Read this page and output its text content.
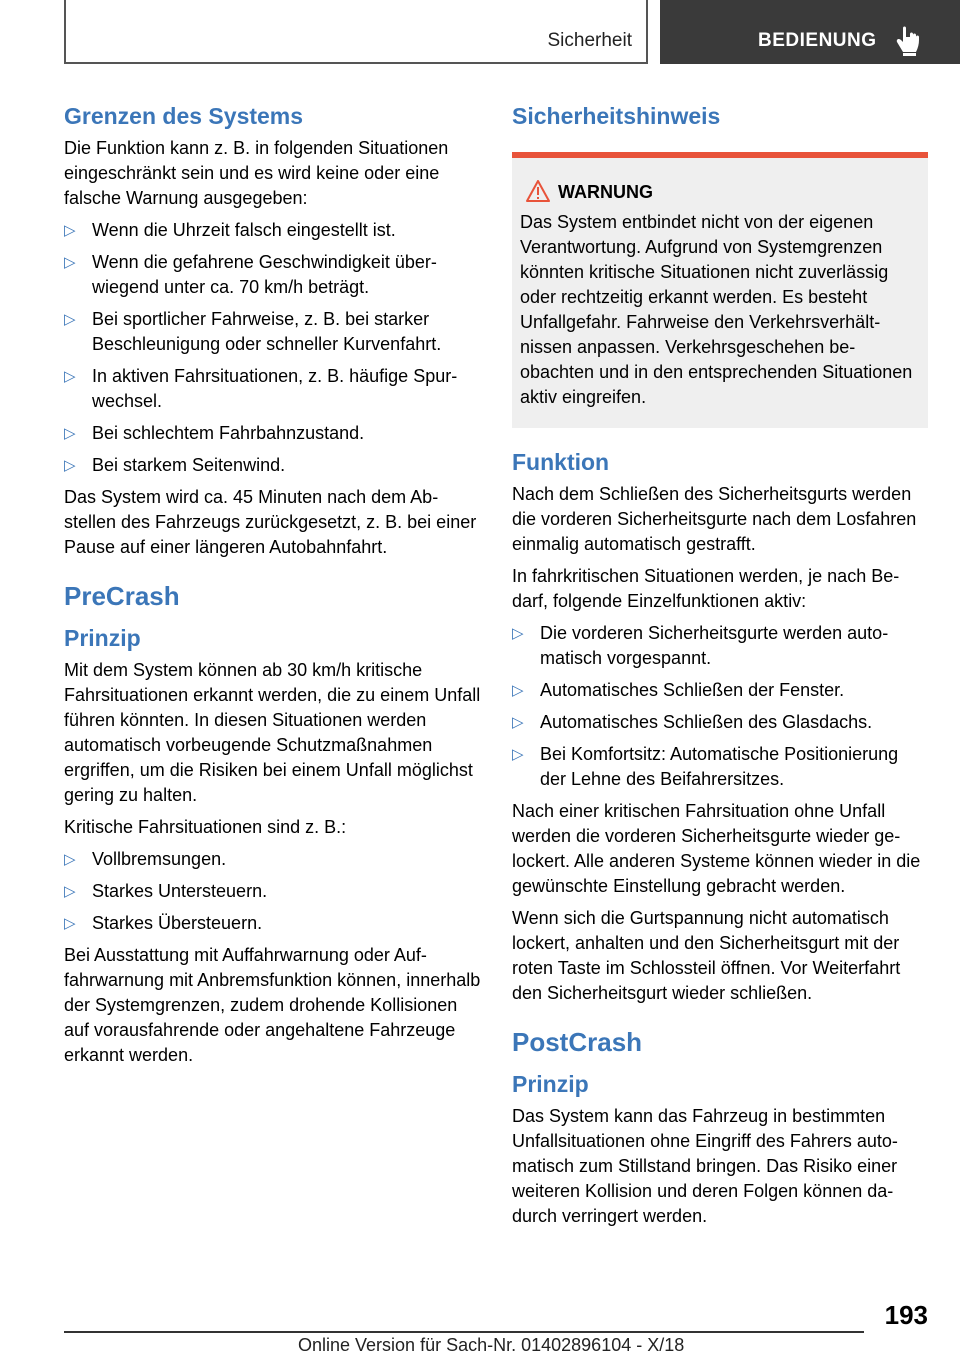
Sicherheit	BEDIENUNG
Grenzen des Systems

Die Funktion kann z. B. in folgenden Situationen eingeschränkt sein und es wird keine oder eine falsche Warnung ausgegeben:

▷ Wenn die Uhrzeit falsch eingestellt ist.
▷ Wenn die gefahrene Geschwindigkeit überwiegend unter ca. 70 km/h beträgt.
▷ Bei sportlicher Fahrweise, z. B. bei starker Beschleunigung oder schneller Kurvenfahrt.
▷ In aktiven Fahrsituationen, z. B. häufige Spurwechsel.
▷ Bei schlechtem Fahrbahnzustand.
▷ Bei starkem Seitenwind.

Das System wird ca. 45 Minuten nach dem Abstellen des Fahrzeugs zurückgesetzt, z. B. bei einer Pause auf einer längeren Autobahnfahrt.

PreCrash
Prinzip

Mit dem System können ab 30 km/h kritische Fahrsituationen erkannt werden, die zu einem Unfall führen könnten. In diesen Situationen werden automatisch vorbeugende Schutzmaßnahmen ergriffen, um die Risiken bei einem Unfall möglichst gering zu halten.

Kritische Fahrsituationen sind z. B.:

▷ Vollbremsungen.
▷ Starkes Untersteuern.
▷ Starkes Übersteuern.

Bei Ausstattung mit Auffahrwarnung oder Auffahrwarnung mit Anbremsfunktion können, innerhalb der Systemgrenzen, zudem drohende Kollisionen auf vorausfahrende oder angehaltene Fahrzeuge erkannt werden.

Sicherheitshinweis
WARNUNG

Das System entbindet nicht von der eigenen Verantwortung. Aufgrund von Systemgrenzen könnten kritische Situationen nicht zuverlässig oder rechtzeitig erkannt werden. Es besteht Unfallgefahr. Fahrweise den Verkehrsverhältnissen anpassen. Verkehrsgeschehen beobachten und in den entsprechenden Situationen aktiv eingreifen.

Funktion

Nach dem Schließen des Sicherheitsgurts werden die vorderen Sicherheitsgurte nach dem Losfahren einmalig automatisch gestrafft.

In fahrkritischen Situationen werden, je nach Bedarf, folgende Einzelfunktionen aktiv:

▷ Die vorderen Sicherheitsgurte werden automatisch vorgespannt.
▷ Automatisches Schließen der Fenster.
▷ Automatisches Schließen des Glasdachs.
▷ Bei Komfortsitz: Automatische Positionierung der Lehne des Beifahrersitzes.

Nach einer kritischen Fahrsituation ohne Unfall werden die vorderen Sicherheitsgurte wieder gelockert. Alle anderen Systeme können wieder in die gewünschte Einstellung gebracht werden.

Wenn sich die Gurtspannung nicht automatisch lockert, anhalten und den Sicherheitsgurt mit der roten Taste im Schlossteil öffnen. Vor Weiterfahrt den Sicherheitsgurt wieder schließen.

PostCrash
Prinzip

Das System kann das Fahrzeug in bestimmten Unfallsituationen ohne Eingriff des Fahrers automatisch zum Stillstand bringen. Das Risiko einer weiteren Kollision und deren Folgen können dadurch verringert werden.

193
Online Version für Sach-Nr. 01402896104 - X/18
